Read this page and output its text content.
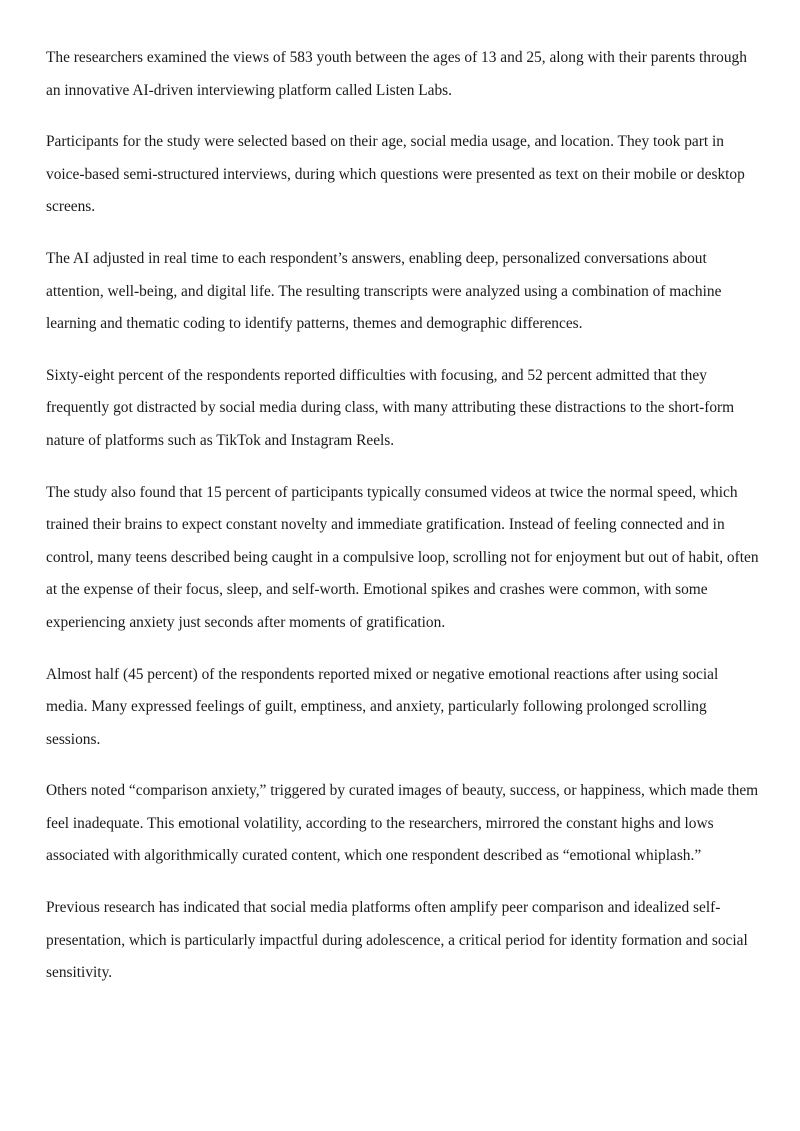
The researchers examined the views of 583 youth between the ages of 13 and 25, along with their parents through an innovative AI-driven interviewing platform called Listen Labs.

Participants for the study were selected based on their age, social media usage, and location. They took part in voice-based semi-structured interviews, during which questions were presented as text on their mobile or desktop screens.

The AI adjusted in real time to each respondent’s answers, enabling deep, personalized conversations about attention, well-being, and digital life. The resulting transcripts were analyzed using a combination of machine learning and thematic coding to identify patterns, themes and demographic differences.

Sixty-eight percent of the respondents reported difficulties with focusing, and 52 percent admitted that they frequently got distracted by social media during class, with many attributing these distractions to the short-form nature of platforms such as TikTok and Instagram Reels.

The study also found that 15 percent of participants typically consumed videos at twice the normal speed, which trained their brains to expect constant novelty and immediate gratification. Instead of feeling connected and in control, many teens described being caught in a compulsive loop, scrolling not for enjoyment but out of habit, often at the expense of their focus, sleep, and self-worth. Emotional spikes and crashes were common, with some experiencing anxiety just seconds after moments of gratification.

Almost half (45 percent) of the respondents reported mixed or negative emotional reactions after using social media. Many expressed feelings of guilt, emptiness, and anxiety, particularly following prolonged scrolling sessions.

Others noted “comparison anxiety,” triggered by curated images of beauty, success, or happiness, which made them feel inadequate. This emotional volatility, according to the researchers, mirrored the constant highs and lows associated with algorithmically curated content, which one respondent described as “emotional whiplash.”

Previous research has indicated that social media platforms often amplify peer comparison and idealized self-presentation, which is particularly impactful during adolescence, a critical period for identity formation and social sensitivity.
